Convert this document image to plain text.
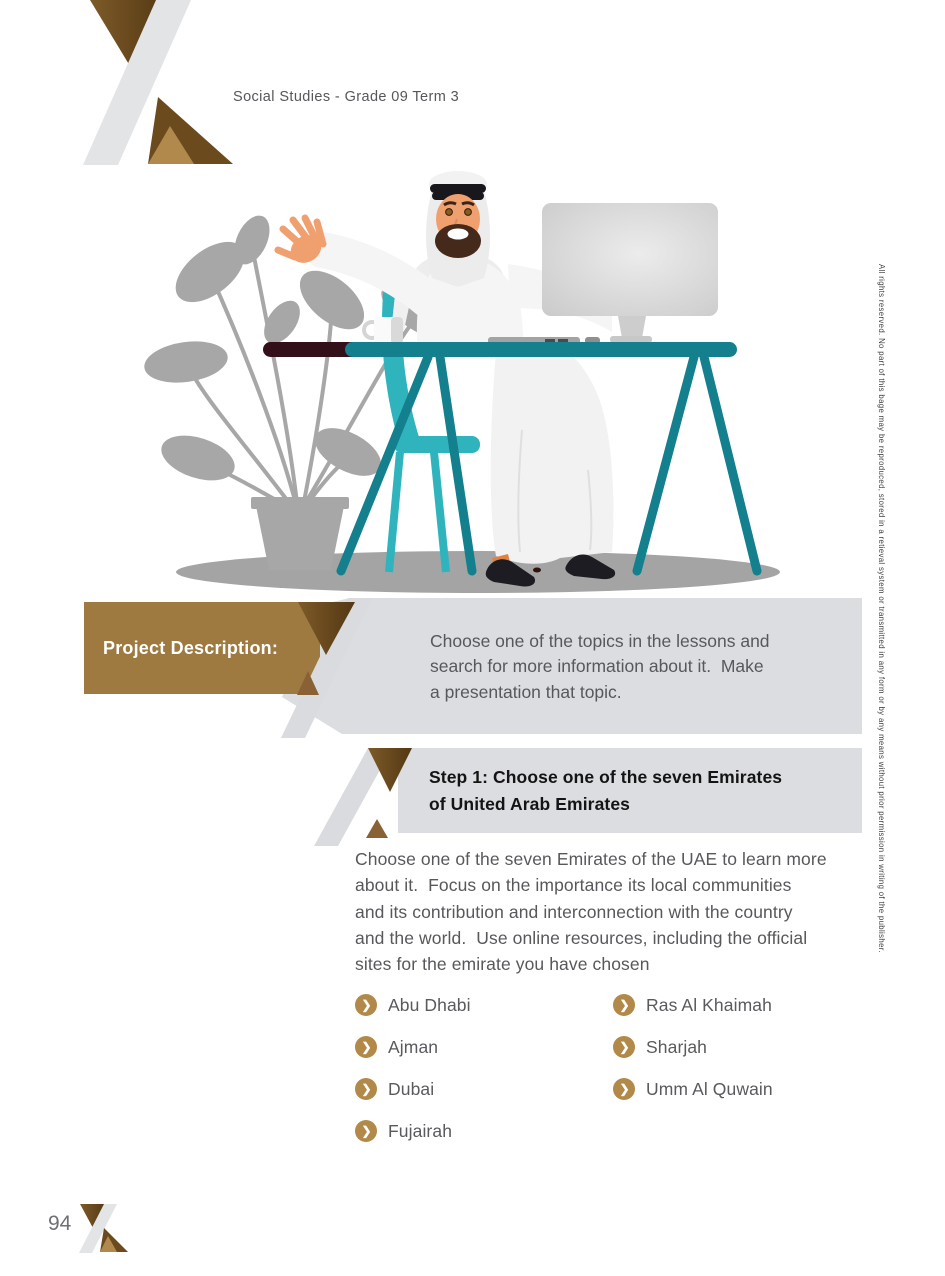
Social Studies - Grade 09 Term 3
Project Description:	Choose one of the topics in the lessons and
search for more information about it.  Make
a presentation that topic.
Step 1: Choose one of the seven Emirates
of United Arab Emirates
Choose one of the seven Emirates of the UAE to learn more
about it.  Focus on the importance its local communities
and its contribution and interconnection with the country
and the world.  Use online resources, including the official
sites for the emirate you have chosen
❯ Abu Dhabi
❯ Ajman
❯ Dubai
❯ Fujairah
❯ Ras Al Khaimah
❯ Sharjah
❯ Umm Al Quwain
94
All rights reserved. No part of this bage may be reproduced, stored in a retieval system or transmitted in any form or by any means without prior permission in writing of the publisher.
